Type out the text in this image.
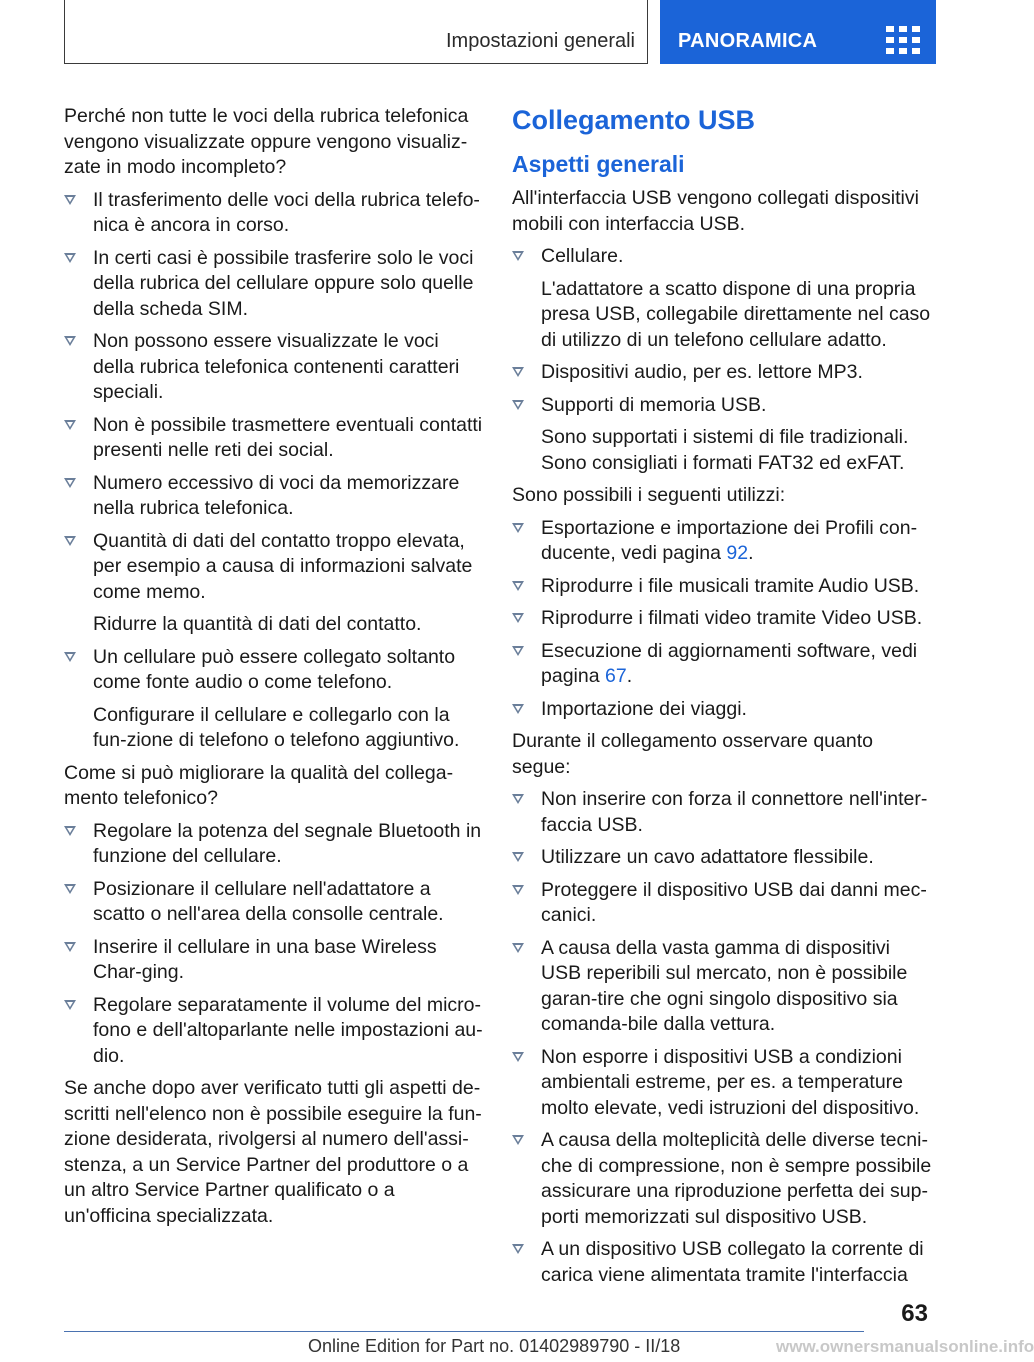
Impostazioni generali PANORAMICA

Perché non tutte le voci della rubrica telefonica vengono visualizzate oppure vengono visualiz-zate in modo incompleto?

Il trasferimento delle voci della rubrica telefo-nica è ancora in corso.
In certi casi è possibile trasferire solo le voci della rubrica del cellulare oppure solo quelle della scheda SIM.
Non possono essere visualizzate le voci della rubrica telefonica contenenti caratteri speciali.
Non è possibile trasmettere eventuali contatti presenti nelle reti dei social.
Numero eccessivo di voci da memorizzare nella rubrica telefonica.
Quantità di dati del contatto troppo elevata, per esempio a causa di informazioni salvate come memo.
Ridurre la quantità di dati del contatto.
Un cellulare può essere collegato soltanto come fonte audio o come telefono.
Configurare il cellulare e collegarlo con la fun-zione di telefono o telefono aggiuntivo.

Come si può migliorare la qualità del collega-mento telefonico?

Regolare la potenza del segnale Bluetooth in funzione del cellulare.
Posizionare il cellulare nell'adattatore a scatto o nell'area della consolle centrale.
Inserire il cellulare in una base Wireless Char-ging.
Regolare separatamente il volume del micro-fono e dell'altoparlante nelle impostazioni au-dio.

Se anche dopo aver verificato tutti gli aspetti de-scritti nell'elenco non è possibile eseguire la fun-zione desiderata, rivolgersi al numero dell'assi-stenza, a un Service Partner del produttore o a un altro Service Partner qualificato o a un'officina specializzata.

Collegamento USB
Aspetti generali

All'interfaccia USB vengono collegati dispositivi mobili con interfaccia USB.

Cellulare.
L'adattatore a scatto dispone di una propria presa USB, collegabile direttamente nel caso di utilizzo di un telefono cellulare adatto.
Dispositivi audio, per es. lettore MP3.
Supporti di memoria USB.
Sono supportati i sistemi di file tradizionali. Sono consigliati i formati FAT32 ed exFAT.

Sono possibili i seguenti utilizzi:

Esportazione e importazione dei Profili con-ducente, vedi pagina 92.
Riprodurre i file musicali tramite Audio USB.
Riprodurre i filmati video tramite Video USB.
Esecuzione di aggiornamenti software, vedi pagina 67.
Importazione dei viaggi.

Durante il collegamento osservare quanto segue:

Non inserire con forza il connettore nell'inter-faccia USB.
Utilizzare un cavo adattatore flessibile.
Proteggere il dispositivo USB dai danni mec-canici.
A causa della vasta gamma di dispositivi USB reperibili sul mercato, non è possibile garan-tire che ogni singolo dispositivo sia comanda-bile dalla vettura.
Non esporre i dispositivi USB a condizioni ambientali estreme, per es. a temperature molto elevate, vedi istruzioni del dispositivo.
A causa della molteplicità delle diverse tecni-che di compressione, non è sempre possibile assicurare una riproduzione perfetta dei sup-porti memorizzati sul dispositivo USB.
A un dispositivo USB collegato la corrente di carica viene alimentata tramite l'interfaccia
63
Online Edition for Part no. 01402989790 - II/18	www.ownersmanualsonline.info
